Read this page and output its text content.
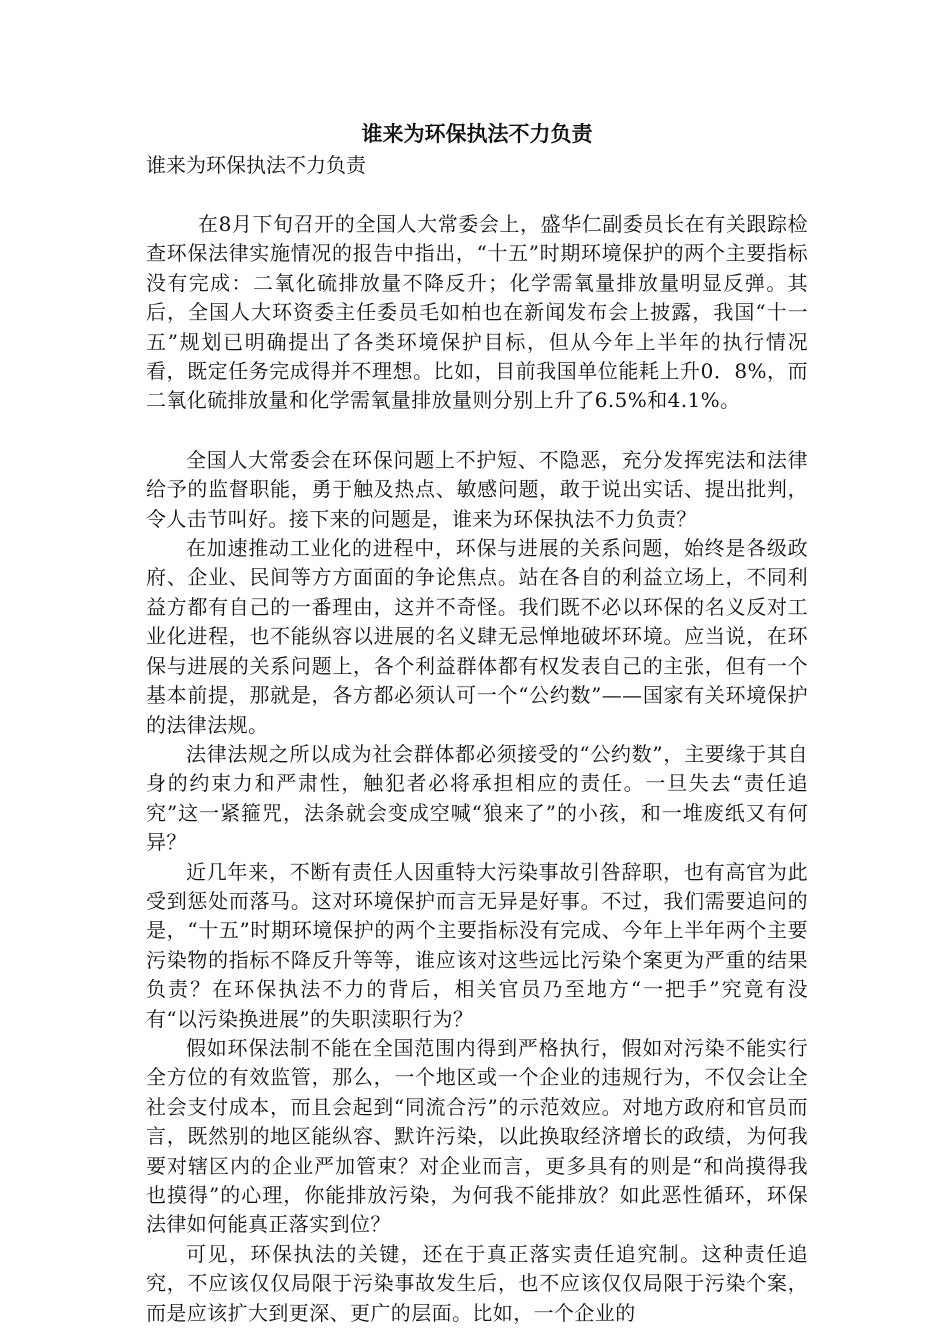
谁来为环保执法不力负责

谁来为环保执法不力负责

在8月下旬召开的全国人大常委会上，盛华仁副委员长在有关跟踪检查环保法律实施情况的报告中指出，“十五”时期环境保护的两个主要指标没有完成：二氧化硫排放量不降反升；化学需氧量排放量明显反弹。其后，全国人大环资委主任委员毛如柏也在新闻发布会上披露，我国“十一五”规划已明确提出了各类环境保护目标，但从今年上半年的执行情况看，既定任务完成得并不理想。比如，目前我国单位能耗上升0．8%，而二氧化硫排放量和化学需氧量排放量则分别上升了6.5%和4.1%。

全国人大常委会在环保问题上不护短、不隐恶，充分发挥宪法和法律给予的监督职能，勇于触及热点、敏感问题，敢于说出实话、提出批判，令人击节叫好。接下来的问题是，谁来为环保执法不力负责？

在加速推动工业化的进程中，环保与进展的关系问题，始终是各级政府、企业、民间等方方面面的争论焦点。站在各自的利益立场上，不同利益方都有自己的一番理由，这并不奇怪。我们既不必以环保的名义反对工业化进程，也不能纵容以进展的名义肆无忌惮地破坏环境。应当说，在环保与进展的关系问题上，各个利益群体都有权发表自己的主张，但有一个基本前提，那就是，各方都必须认可一个“公约数”——国家有关环境保护的法律法规。

法律法规之所以成为社会群体都必须接受的“公约数”，主要缘于其自身的约束力和严肃性，触犯者必将承担相应的责任。一旦失去“责任追究”这一紧箍咒，法条就会变成空喊“狼来了”的小孩，和一堆废纸又有何异？

近几年来，不断有责任人因重特大污染事故引咎辞职，也有高官为此受到惩处而落马。这对环境保护而言无异是好事。不过，我们需要追问的是，“十五”时期环境保护的两个主要指标没有完成、今年上半年两个主要污染物的指标不降反升等等，谁应该对这些远比污染个案更为严重的结果负责？在环保执法不力的背后，相关官员乃至地方“一把手”究竟有没有“以污染换进展”的失职渎职行为？

假如环保法制不能在全国范围内得到严格执行，假如对污染不能实行全方位的有效监管，那么，一个地区或一个企业的违规行为，不仅会让全社会支付成本，而且会起到“同流合污”的示范效应。对地方政府和官员而言，既然别的地区能纵容、默许污染，以此换取经济增长的政绩，为何我要对辖区内的企业严加管束？对企业而言，更多具有的则是“和尚摸得我也摸得”的心理，你能排放污染，为何我不能排放？如此恶性循环，环保法律如何能真正落实到位？

可见，环保执法的关键，还在于真正落实责任追究制。这种责任追究，不应该仅仅局限于污染事故发生后，也不应该仅仅局限于污染个案，而是应该扩大到更深、更广的层面。比如，一个企业的
